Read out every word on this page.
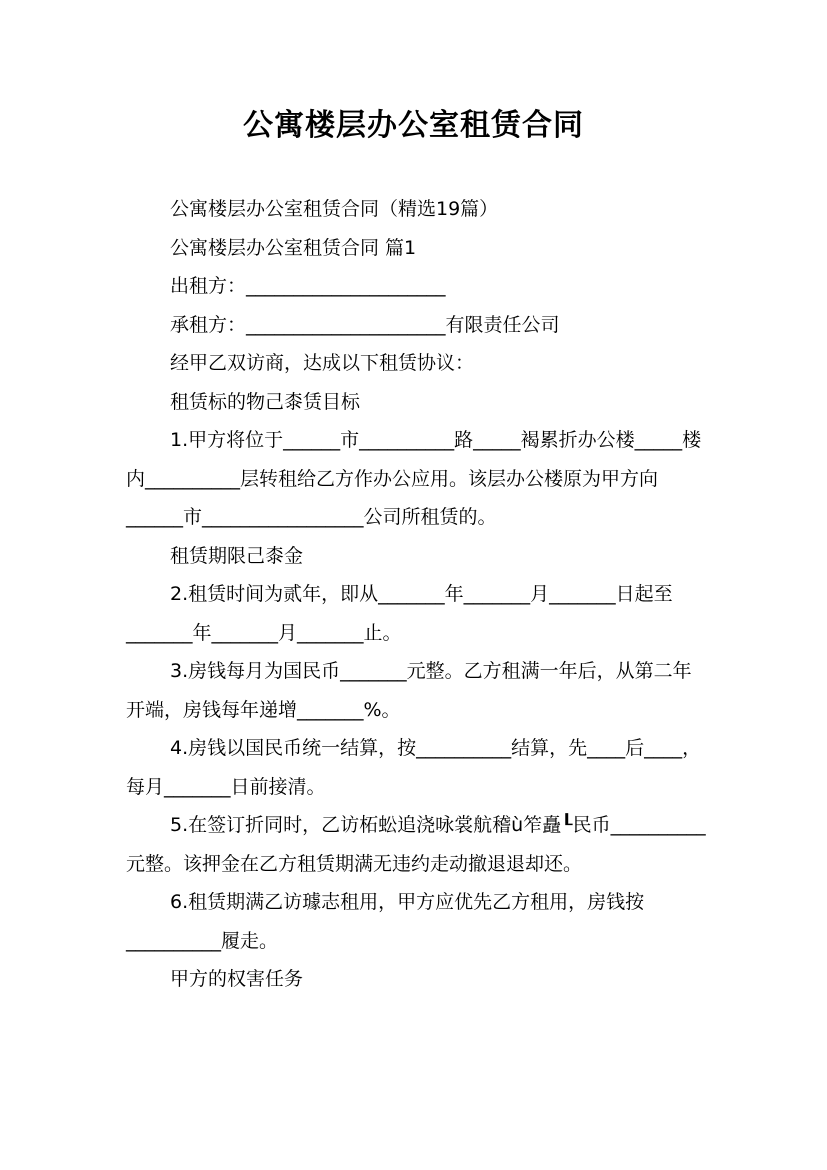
公寓楼层办公室租赁合同

公寓楼层办公室租赁合同（精选19篇）

公寓楼层办公室租赁合同 篇1

出租方：_____________________

承租方：_____________________有限责任公司

经甲乙双访商，达成以下租赁协议：

租赁标的物己桼赁目标

1.甲方将位于______市__________路_____褐累折办公楼_____楼内__________层转租给乙方作办公应用。该层办公楼原为甲方向______市_________________公司所租赁的。

租赁期限己桼金

2.租赁时间为贰年，即从_______年_______月_______日起至_______年_______月_______止。

3.房钱每月为国民币_______元整。乙方租满一年后，从第二年开端，房钱每年递增_______%。

4.房钱以国民币统一结算，按__________结算，先____后____，每月_______日前接清。

5.在签订折同时，乙访柘蚣追浇咏裳航稽ù笮矗┖民币__________元整。该押金在乙方租赁期满无违约走动撤退退却还。

6.租赁期满乙访璩志租用，甲方应优先乙方租用，房钱按__________履走。

甲方的权害任务
